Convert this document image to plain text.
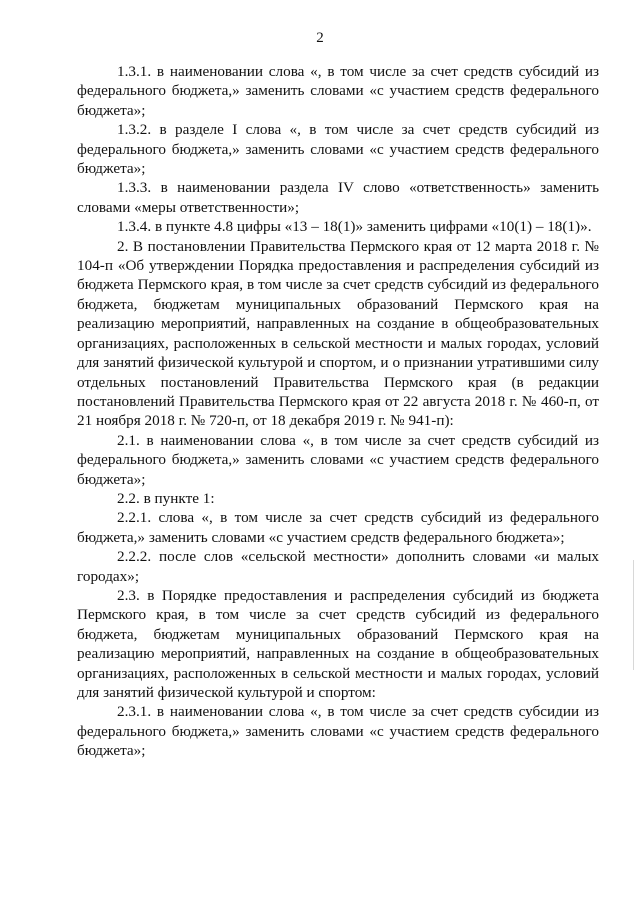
2

1.3.1. в наименовании слова «, в том числе за счет средств субсидий из федерального бюджета,» заменить словами «с участием средств федерального бюджета»;

1.3.2. в разделе I слова «, в том числе за счет средств субсидий из федерального бюджета,» заменить словами «с участием средств федерального бюджета»;

1.3.3. в наименовании раздела IV слово «ответственность» заменить словами «меры ответственности»;

1.3.4. в пункте 4.8 цифры «13 – 18(1)» заменить цифрами «10(1) – 18(1)».

2. В постановлении Правительства Пермского края от 12 марта 2018 г. № 104-п «Об утверждении Порядка предоставления и распределения субсидий из бюджета Пермского края, в том числе за счет средств субсидий из федерального бюджета, бюджетам муниципальных образований Пермского края на реализацию мероприятий, направленных на создание в общеобразовательных организациях, расположенных в сельской местности и малых городах, условий для занятий физической культурой и спортом, и о признании утратившими силу отдельных постановлений Правительства Пермского края (в редакции постановлений Правительства Пермского края от 22 августа 2018 г. № 460-п, от 21 ноября 2018 г. № 720-п, от 18 декабря 2019 г. № 941-п):

2.1. в наименовании слова «, в том числе за счет средств субсидий из федерального бюджета,» заменить словами «с участием средств федерального бюджета»;

2.2. в пункте 1:

2.2.1. слова «, в том числе за счет средств субсидий из федерального бюджета,» заменить словами «с участием средств федерального бюджета»;

2.2.2. после слов «сельской местности» дополнить словами «и малых городах»;

2.3. в Порядке предоставления и распределения субсидий из бюджета Пермского края, в том числе за счет средств субсидий из федерального бюджета, бюджетам муниципальных образований Пермского края на реализацию мероприятий, направленных на создание в общеобразовательных организациях, расположенных в сельской местности и малых городах, условий для занятий физической культурой и спортом:

2.3.1. в наименовании слова «, в том числе за счет средств субсидии из федерального бюджета,» заменить словами «с участием средств федерального бюджета»;
